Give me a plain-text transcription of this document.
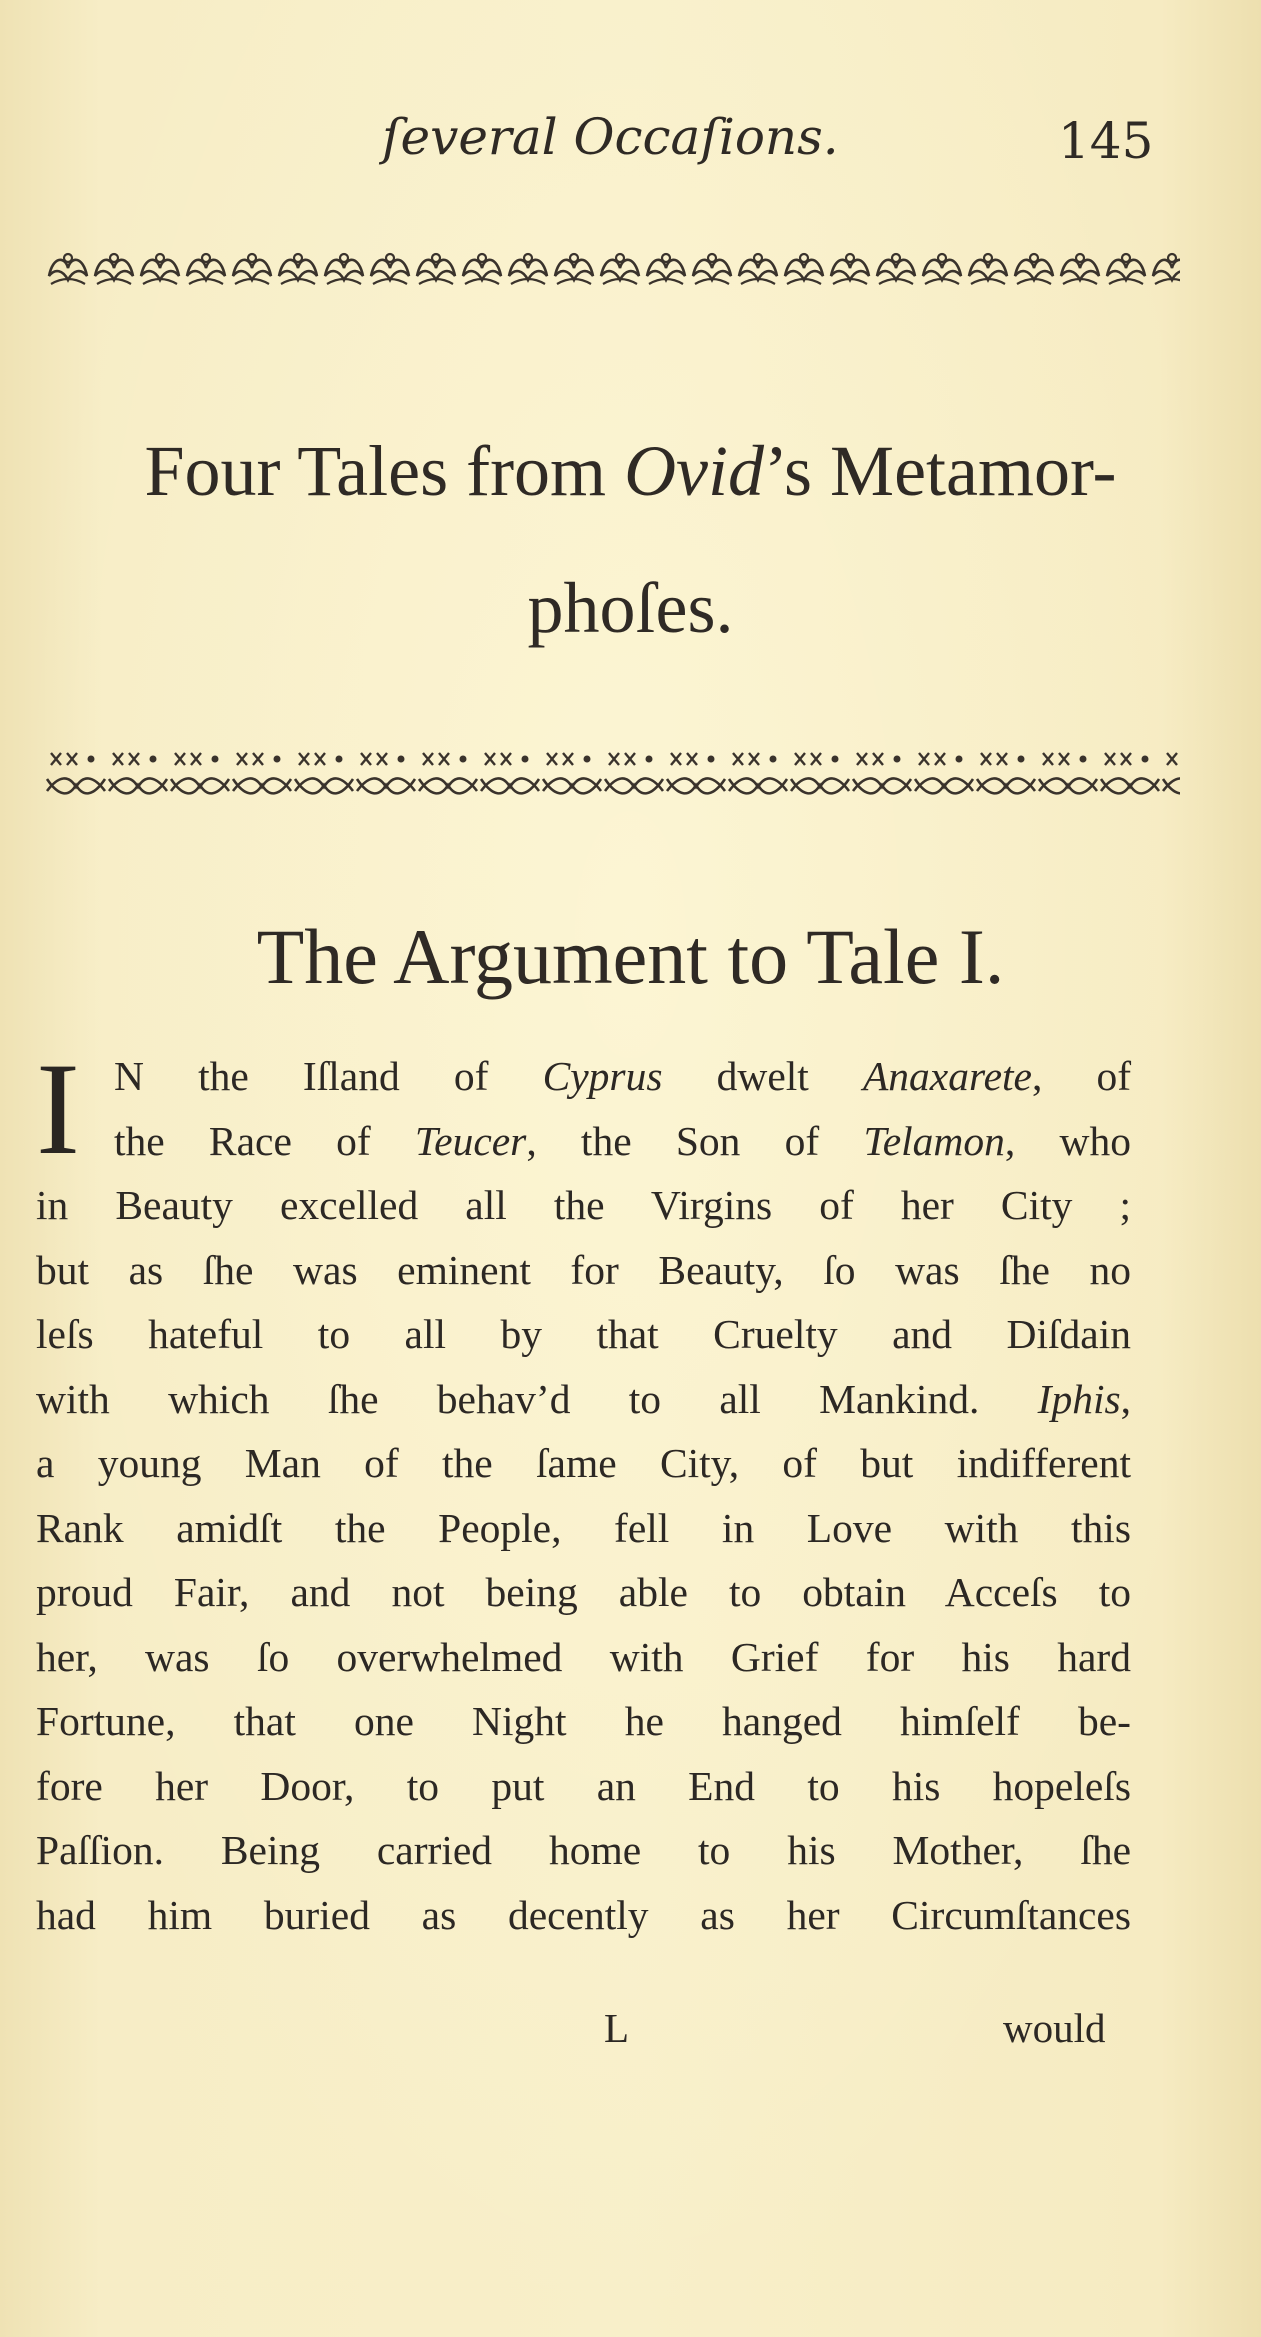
ſeveral Occaſions.	145
Four Tales from Ovid’s Metamor-
phoſes.
The Argument to Tale I.
I N the Iſland of Cyprus dwelt Anaxarete, of
the Race of Teucer, the Son of Telamon, who
in Beauty excelled all the Virgins of her City ;
but as ſhe was eminent for Beauty, ſo was ſhe no
leſs hateful to all by that Cruelty and Diſdain
with which ſhe behav’d to all Mankind. Iphis,
a young Man of the ſame City, of but indifferent
Rank amidſt the People, fell in Love with this
proud Fair, and not being able to obtain Acceſs to
her, was ſo overwhelmed with Grief for his hard
Fortune, that one Night he hanged himſelf be-
fore her Door, to put an End to his hopeleſs
Paſſion. Being carried home to his Mother, ſhe
had him buried as decently as her Circumſtances
L	would
